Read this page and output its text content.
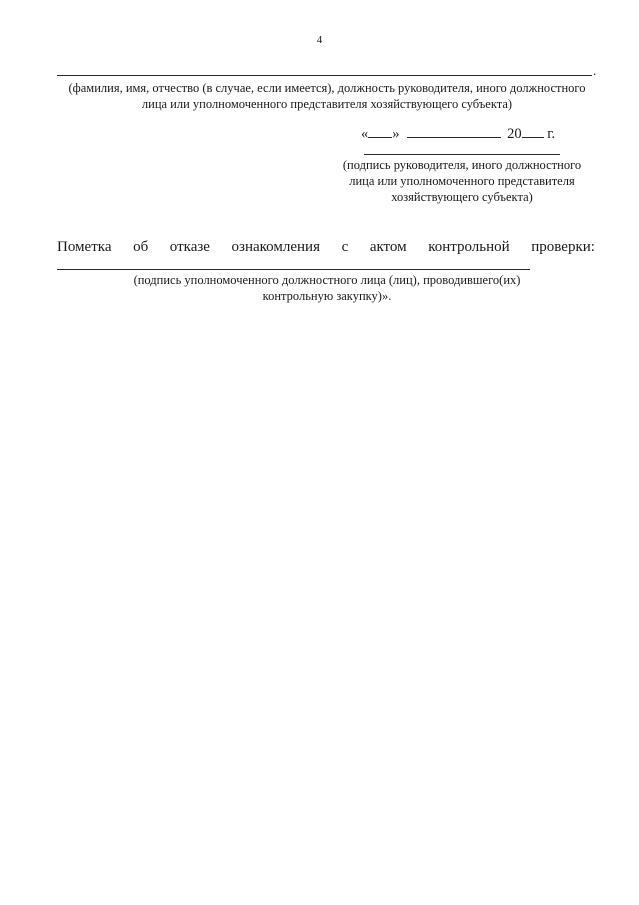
4
.
(фамилия, имя, отчество (в случае, если имеется), должность руководителя, иного должностного
лица или уполномоченного представителя хозяйствующего субъекта)
« »	20 г.
(подпись руководителя, иного должностного
лица или уполномоченного представителя
хозяйствующего субъекта)
Пометка об отказе ознакомления с актом контрольной проверки:
(подпись уполномоченного должностного лица (лиц), проводившего(их)
контрольную закупку)».
